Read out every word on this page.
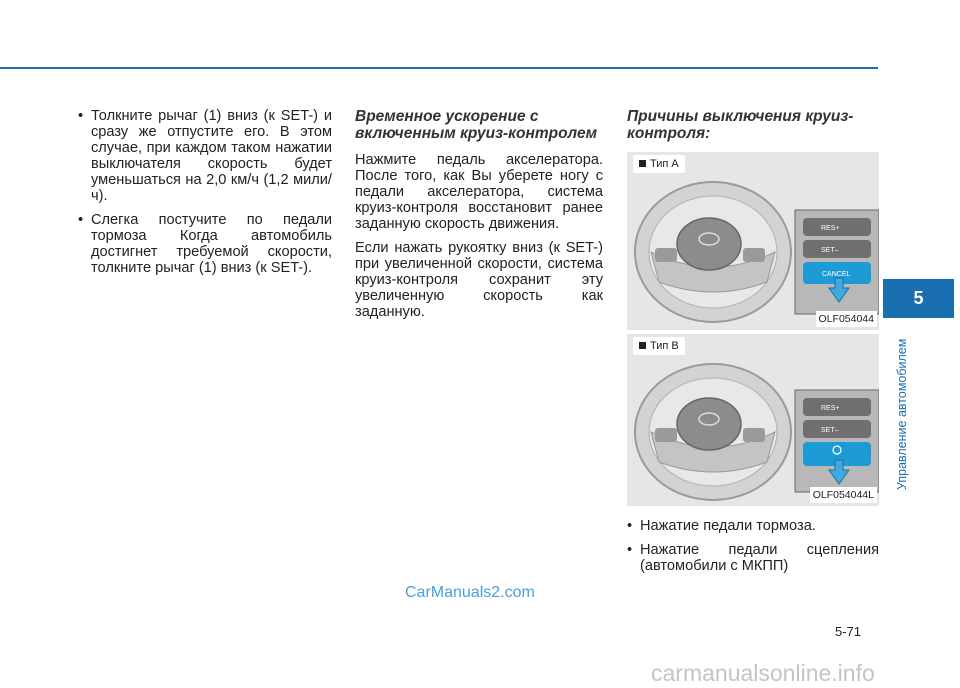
• Толкните рычаг (1) вниз (к SET-) и сразу же отпустите его. В этом случае, при каждом таком нажатии выключателя скорость будет уменьшаться на 2,0 км/ч (1,2 мили/ч).
• Слегка постучите по педали тормоза Когда автомобиль достигнет требуемой скорости, толкните рычаг (1) вниз (к SET-).
Временное ускорение с включенным круиз-контролем

Нажмите педаль акселератора. После того, как Вы уберете ногу с педали акселератора, система круиз-контроля восстановит ранее заданную скорость движения.

Если нажать рукоятку вниз (к SET-) при увеличенной скорости, система круиз-контроля сохранит эту увеличенную скорость как заданную.

Причины выключения круиз-контроля:
RES+
SET–
CANCEL
Тип A
OLF054044
RES+
SET–
Тип B
OLF054044L
• Нажатие педали тормоза.
• Нажатие педали сцепления (автомобили с МКПП)
5
Управление автомобилем
5-71
CarManuals2.com
carmanualsonline.info
